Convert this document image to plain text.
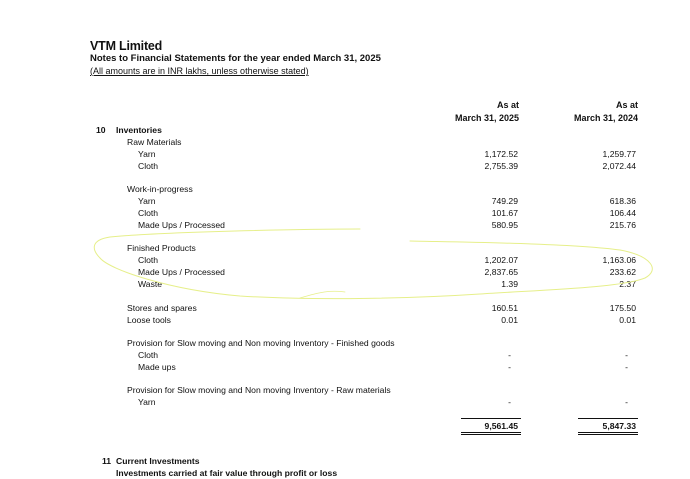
VTM Limited
Notes to Financial Statements for the year ended March 31, 2025
(All amounts are in INR lakhs, unless otherwise stated)
As at
March 31, 2025
As at
March 31, 2024
10 Inventories
Raw Materials
Yarn	1,172.52	1,259.77
Cloth	2,755.39	2,072.44
Work-in-progress
Yarn	749.29	618.36
Cloth	101.67	106.44
Made Ups / Processed	580.95	215.76
Finished Products
Cloth	1,202.07	1,163.06
Made Ups / Processed	2,837.65	233.62
Waste	1.39	2.37
Stores and spares	160.51	175.50
Loose tools	0.01	0.01
Provision for Slow moving and Non moving Inventory - Finished goods
Cloth	-	-
Made ups	-	-
Provision for Slow moving and Non moving Inventory - Raw materials
Yarn	-	-
9,561.45	5,847.33
11 Current Investments
Investments carried at fair value through profit or loss
